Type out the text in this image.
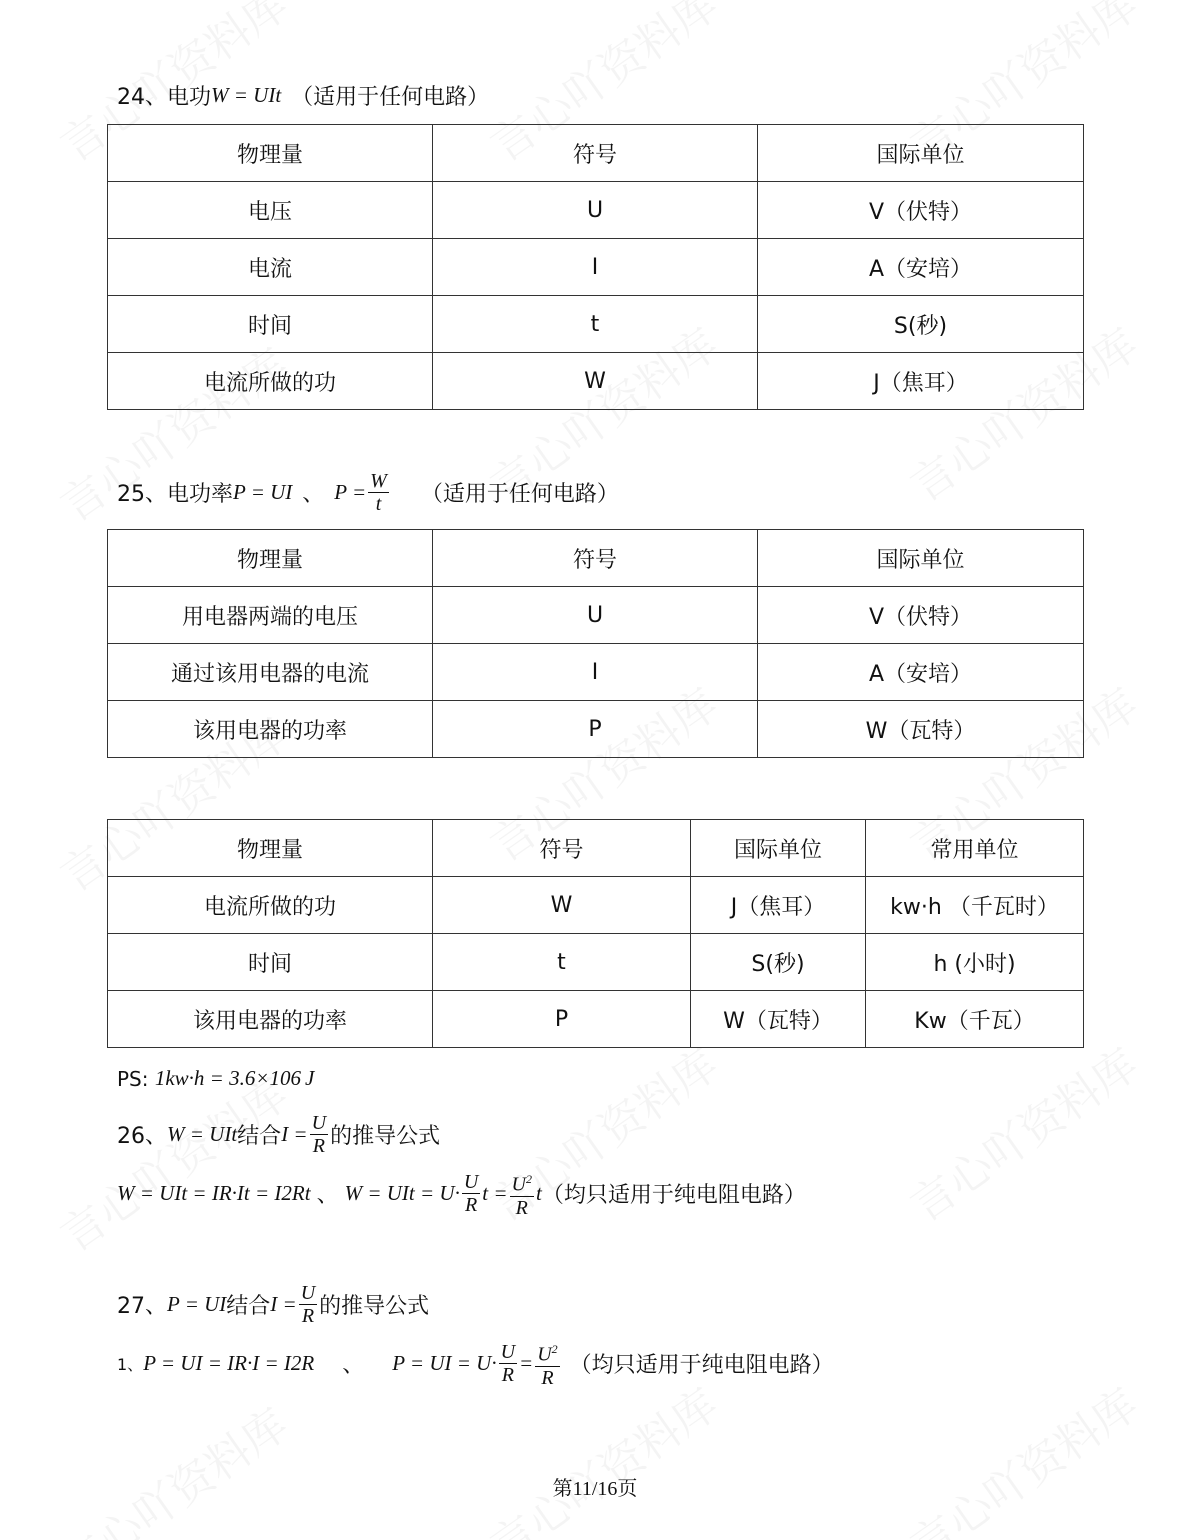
24、电功 W = UIt （适用于任何电路）
物理量	符号	国际单位
电压	U	V（伏特）
电流	I	A（安培）
时间	t	S(秒)
电流所做的功	W	J（焦耳）
25、电功率 P = UI 、 $P = \frac{W}{t}$ （适用于任何电路）
物理量	符号	国际单位
用电器两端的电压	U	V（伏特）
通过该用电器的电流	I	A（安培）
该用电器的功率	P	W（瓦特）
物理量	符号	国际单位	常用单位
电流所做的功	W	J（焦耳）	kw·h （千瓦时）
时间	t	S(秒)	h (小时)
该用电器的功率	P	W（瓦特）	Kw（千瓦）
PS:
1kw·h = 3.6×10 6 J
26、 W = UIt 结合 $I = \frac{U}{R}$ 的推导公式
W = UIt = IR·It = I 2 Rt 、 W = UIt = $U\cdot \frac{U}{R}$ $t = \frac{U^2}{R}$ t （均只适用于纯电阻电路）
27、 P = UI 结合 $I = \frac{U}{R}$ 的推导公式
1、 P = UI = IR·I = I 2 R 、 P = UI = $U\cdot \frac{U}{R} = \frac{U^2}{R}$ （均只适用于纯电阻电路）
第11/16页
